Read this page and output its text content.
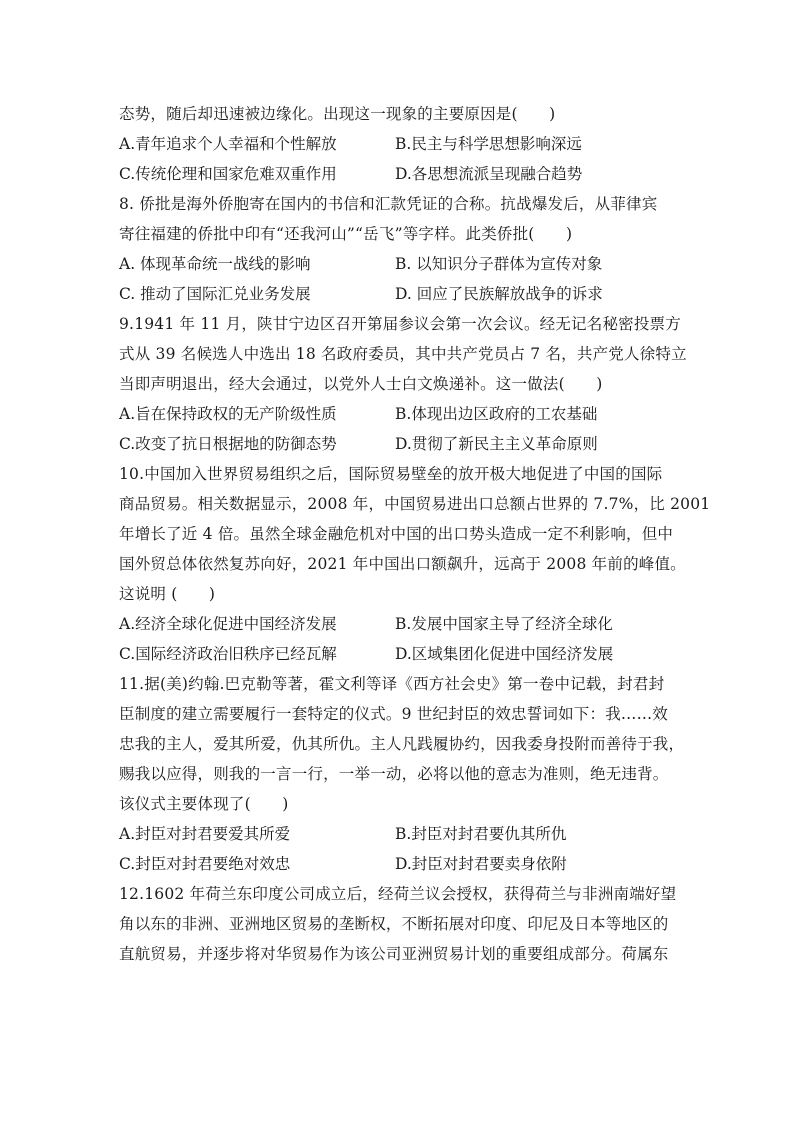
态势，随后却迅速被边缘化。出现这一现象的主要原因是(　　)
A.青年追求个人幸福和个性解放	B.民主与科学思想影响深远
C.传统伦理和国家危难双重作用	D.各思想流派呈现融合趋势
8. 侨批是海外侨胞寄在国内的书信和汇款凭证的合称。抗战爆发后，从菲律宾
寄往福建的侨批中印有“还我河山”“岳飞”等字样。此类侨批(　　)
A. 体现革命统一战线的影响	B. 以知识分子群体为宣传对象
C. 推动了国际汇兑业务发展	D. 回应了民族解放战争的诉求
9.1941 年 11 月，陕甘宁边区召开第届参议会第一次会议。经无记名秘密投票方
式从 39 名候选人中选出 18 名政府委员，其中共产党员占 7 名，共产党人徐特立
当即声明退出，经大会通过，以党外人士白文焕递补。这一做法(　　)
A.旨在保持政权的无产阶级性质	B.体现出边区政府的工农基础
C.改变了抗日根据地的防御态势	D.贯彻了新民主主义革命原则
10.中国加入世界贸易组织之后，国际贸易壁垒的放开极大地促进了中国的国际
商品贸易。相关数据显示，2008 年，中国贸易进出口总额占世界的 7.7%，比 2001
年增长了近 4 倍。虽然全球金融危机对中国的出口势头造成一定不利影响，但中
国外贸总体依然复苏向好，2021 年中国出口额飙升，远高于 2008 年前的峰值。
这说明 (　　)
A.经济全球化促进中国经济发展	B.发展中国家主导了经济全球化
C.国际经济政治旧秩序已经瓦解	D.区域集团化促进中国经济发展
11.据(美)约翰.巴克勒等著，霍文利等译《西方社会史》第一卷中记载，封君封
臣制度的建立需要履行一套特定的仪式。9 世纪封臣的效忠誓词如下：我……效
忠我的主人，爱其所爱，仇其所仇。主人凡践履协约，因我委身投附而善待于我，
赐我以应得，则我的一言一行，一举一动，必将以他的意志为准则，绝无违背。
该仪式主要体现了(　　)
A.封臣对封君要爱其所爱	B.封臣对封君要仇其所仇
C.封臣对封君要绝对效忠	D.封臣对封君要卖身依附
12.1602 年荷兰东印度公司成立后，经荷兰议会授权，获得荷兰与非洲南端好望
角以东的非洲、亚洲地区贸易的垄断权，不断拓展对印度、印尼及日本等地区的
直航贸易，并逐步将对华贸易作为该公司亚洲贸易计划的重要组成部分。荷属东
